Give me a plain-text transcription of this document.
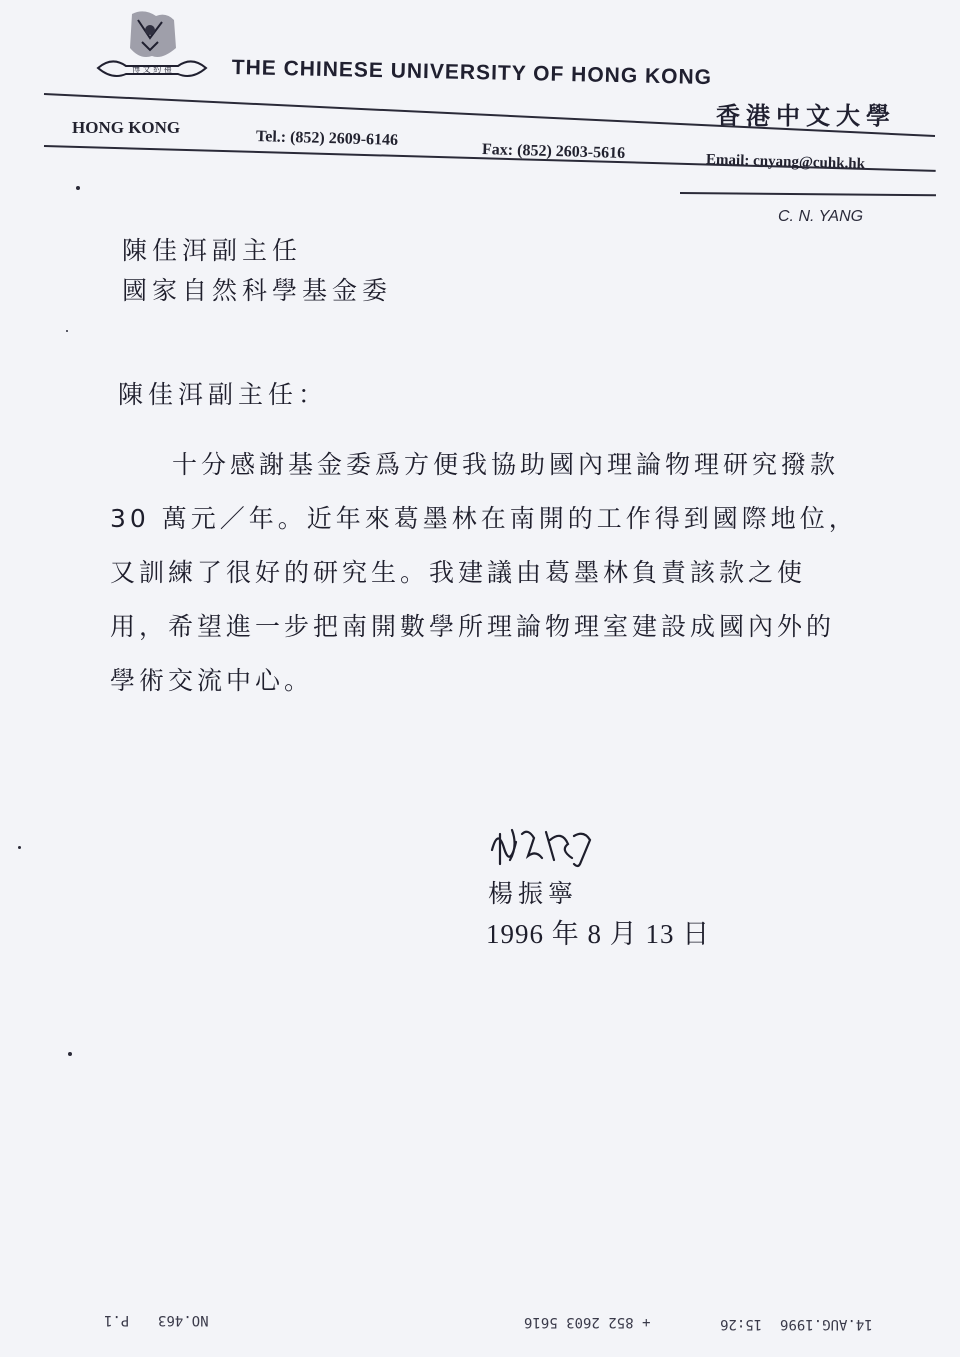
博 文 約 禮	THE CHINESE UNIVERSITY OF HONG KONG
香港中文大學
HONG KONG
Tel.: (852) 2609-6146
Fax: (852) 2603-5616
Email: cnyang@cuhk.hk
C. N. YANG
陳佳洱副主任
國家自然科學基金委
陳佳洱副主任：
十分感謝基金委爲方便我協助國內理論物理研究撥款
30 萬元／年。近年來葛墨林在南開的工作得到國際地位，
又訓練了很好的研究生。我建議由葛墨林負責該款之使
用，希望進一步把南開數學所理論物理室建設成國內外的
學術交流中心。
楊振寧
1996 年 8 月 13 日
P.1 NO.463	+ 852 2603 5616	15:26 14.AUG.1996
